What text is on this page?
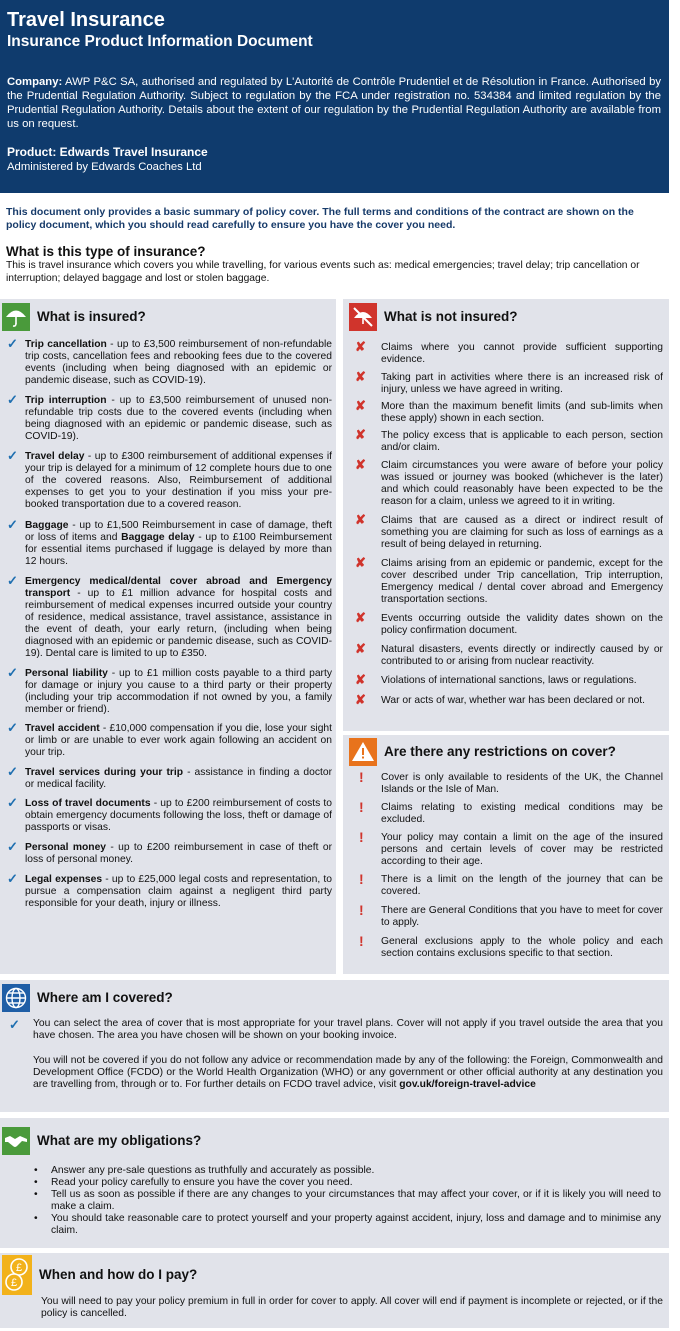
Travel Insurance
Insurance Product Information Document
Company: AWP P&C SA, authorised and regulated by L'Autorité de Contrôle Prudentiel et de Résolution in France. Authorised by the Prudential Regulation Authority. Subject to regulation by the FCA under registration no. 534384 and limited regulation by the Prudential Regulation Authority. Details about the extent of our regulation by the Prudential Regulation Authority are available from us on request.
Product: Edwards Travel Insurance
Administered by Edwards Coaches Ltd
This document only provides a basic summary of policy cover. The full terms and conditions of the contract are shown on the policy document, which you should read carefully to ensure you have the cover you need.
What is this type of insurance?
This is travel insurance which covers you while travelling, for various events such as: medical emergencies; travel delay; trip cancellation or interruption; delayed baggage and lost or stolen baggage.
What is insured?
✓ Trip cancellation - up to £3,500 reimbursement of non-refundable trip costs, cancellation fees and rebooking fees due to the covered events (including when being diagnosed with an epidemic or pandemic disease, such as COVID-19).
✓ Trip interruption - up to £3,500 reimbursement of unused non-refundable trip costs due to the covered events (including when being diagnosed with an epidemic or pandemic disease, such as COVID-19).
✓ Travel delay - up to £300 reimbursement of additional expenses if your trip is delayed for a minimum of 12 complete hours due to one of the covered reasons. Also, Reimbursement of additional expenses to get you to your destination if you miss your pre-booked transportation due to a covered reason.
✓ Baggage - up to £1,500 Reimbursement in case of damage, theft or loss of items and Baggage delay - up to £100 Reimbursement for essential items purchased if luggage is delayed by more than 12 hours.
✓ Emergency medical/dental cover abroad and Emergency transport - up to £1 million advance for hospital costs and reimbursement of medical expenses incurred outside your country of residence, medical assistance, travel assistance, assistance in the event of death, your early return, (including when being diagnosed with an epidemic or pandemic disease, such as COVID-19). Dental care is limited to up to £350.
✓ Personal liability - up to £1 million costs payable to a third party for damage or injury you cause to a third party or their property (including your trip accommodation if not owned by you, a family member or friend).
✓ Travel accident - £10,000 compensation if you die, lose your sight or limb or are unable to ever work again following an accident on your trip.
✓ Travel services during your trip - assistance in finding a doctor or medical facility.
✓ Loss of travel documents - up to £200 reimbursement of costs to obtain emergency documents following the loss, theft or damage of passports or visas.
✓ Personal money - up to £200 reimbursement in case of theft or loss of personal money.
✓ Legal expenses - up to £25,000 legal costs and representation, to pursue a compensation claim against a negligent third party responsible for your death, injury or illness.
What is not insured?
✘ Claims where you cannot provide sufficient supporting evidence.
✘ Taking part in activities where there is an increased risk of injury, unless we have agreed in writing.
✘ More than the maximum benefit limits (and sub-limits when these apply) shown in each section.
✘ The policy excess that is applicable to each person, section and/or claim.
✘ Claim circumstances you were aware of before your policy was issued or journey was booked (whichever is the later) and which could reasonably have been expected to be the reason for a claim, unless we agreed to it in writing.
✘ Claims that are caused as a direct or indirect result of something you are claiming for such as loss of earnings as a result of being delayed in returning.
✘ Claims arising from an epidemic or pandemic, except for the cover described under Trip cancellation, Trip interruption, Emergency medical / dental cover abroad and Emergency transportation sections.
✘ Events occurring outside the validity dates shown on the policy confirmation document.
✘ Natural disasters, events directly or indirectly caused by or contributed to or arising from nuclear reactivity.
✘ Violations of international sanctions, laws or regulations.
✘ War or acts of war, whether war has been declared or not.
Are there any restrictions on cover?
! Cover is only available to residents of the UK, the Channel Islands or the Isle of Man.
! Claims relating to existing medical conditions may be excluded.
! Your policy may contain a limit on the age of the insured persons and certain levels of cover may be restricted according to their age.
! There is a limit on the length of the journey that can be covered.
! There are General Conditions that you have to meet for cover to apply.
! General exclusions apply to the whole policy and each section contains exclusions specific to that section.
Where am I covered?
✓ You can select the area of cover that is most appropriate for your travel plans. Cover will not apply if you travel outside the area that you have chosen. The area you have chosen will be shown on your booking invoice.
You will not be covered if you do not follow any advice or recommendation made by any of the following: the Foreign, Commonwealth and Development Office (FCDO) or the World Health Organization (WHO) or any government or other official authority at any destination you are travelling from, through or to. For further details on FCDO travel advice, visit gov.uk/foreign-travel-advice
What are my obligations?
• Answer any pre-sale questions as truthfully and accurately as possible.
• Read your policy carefully to ensure you have the cover you need.
• Tell us as soon as possible if there are any changes to your circumstances that may affect your cover, or if it is likely you will need to make a claim.
• You should take reasonable care to protect yourself and your property against accident, injury, loss and damage and to minimise any claim.
£
£
When and how do I pay?
You will need to pay your policy premium in full in order for cover to apply. All cover will end if payment is incomplete or rejected, or if the policy is cancelled.
